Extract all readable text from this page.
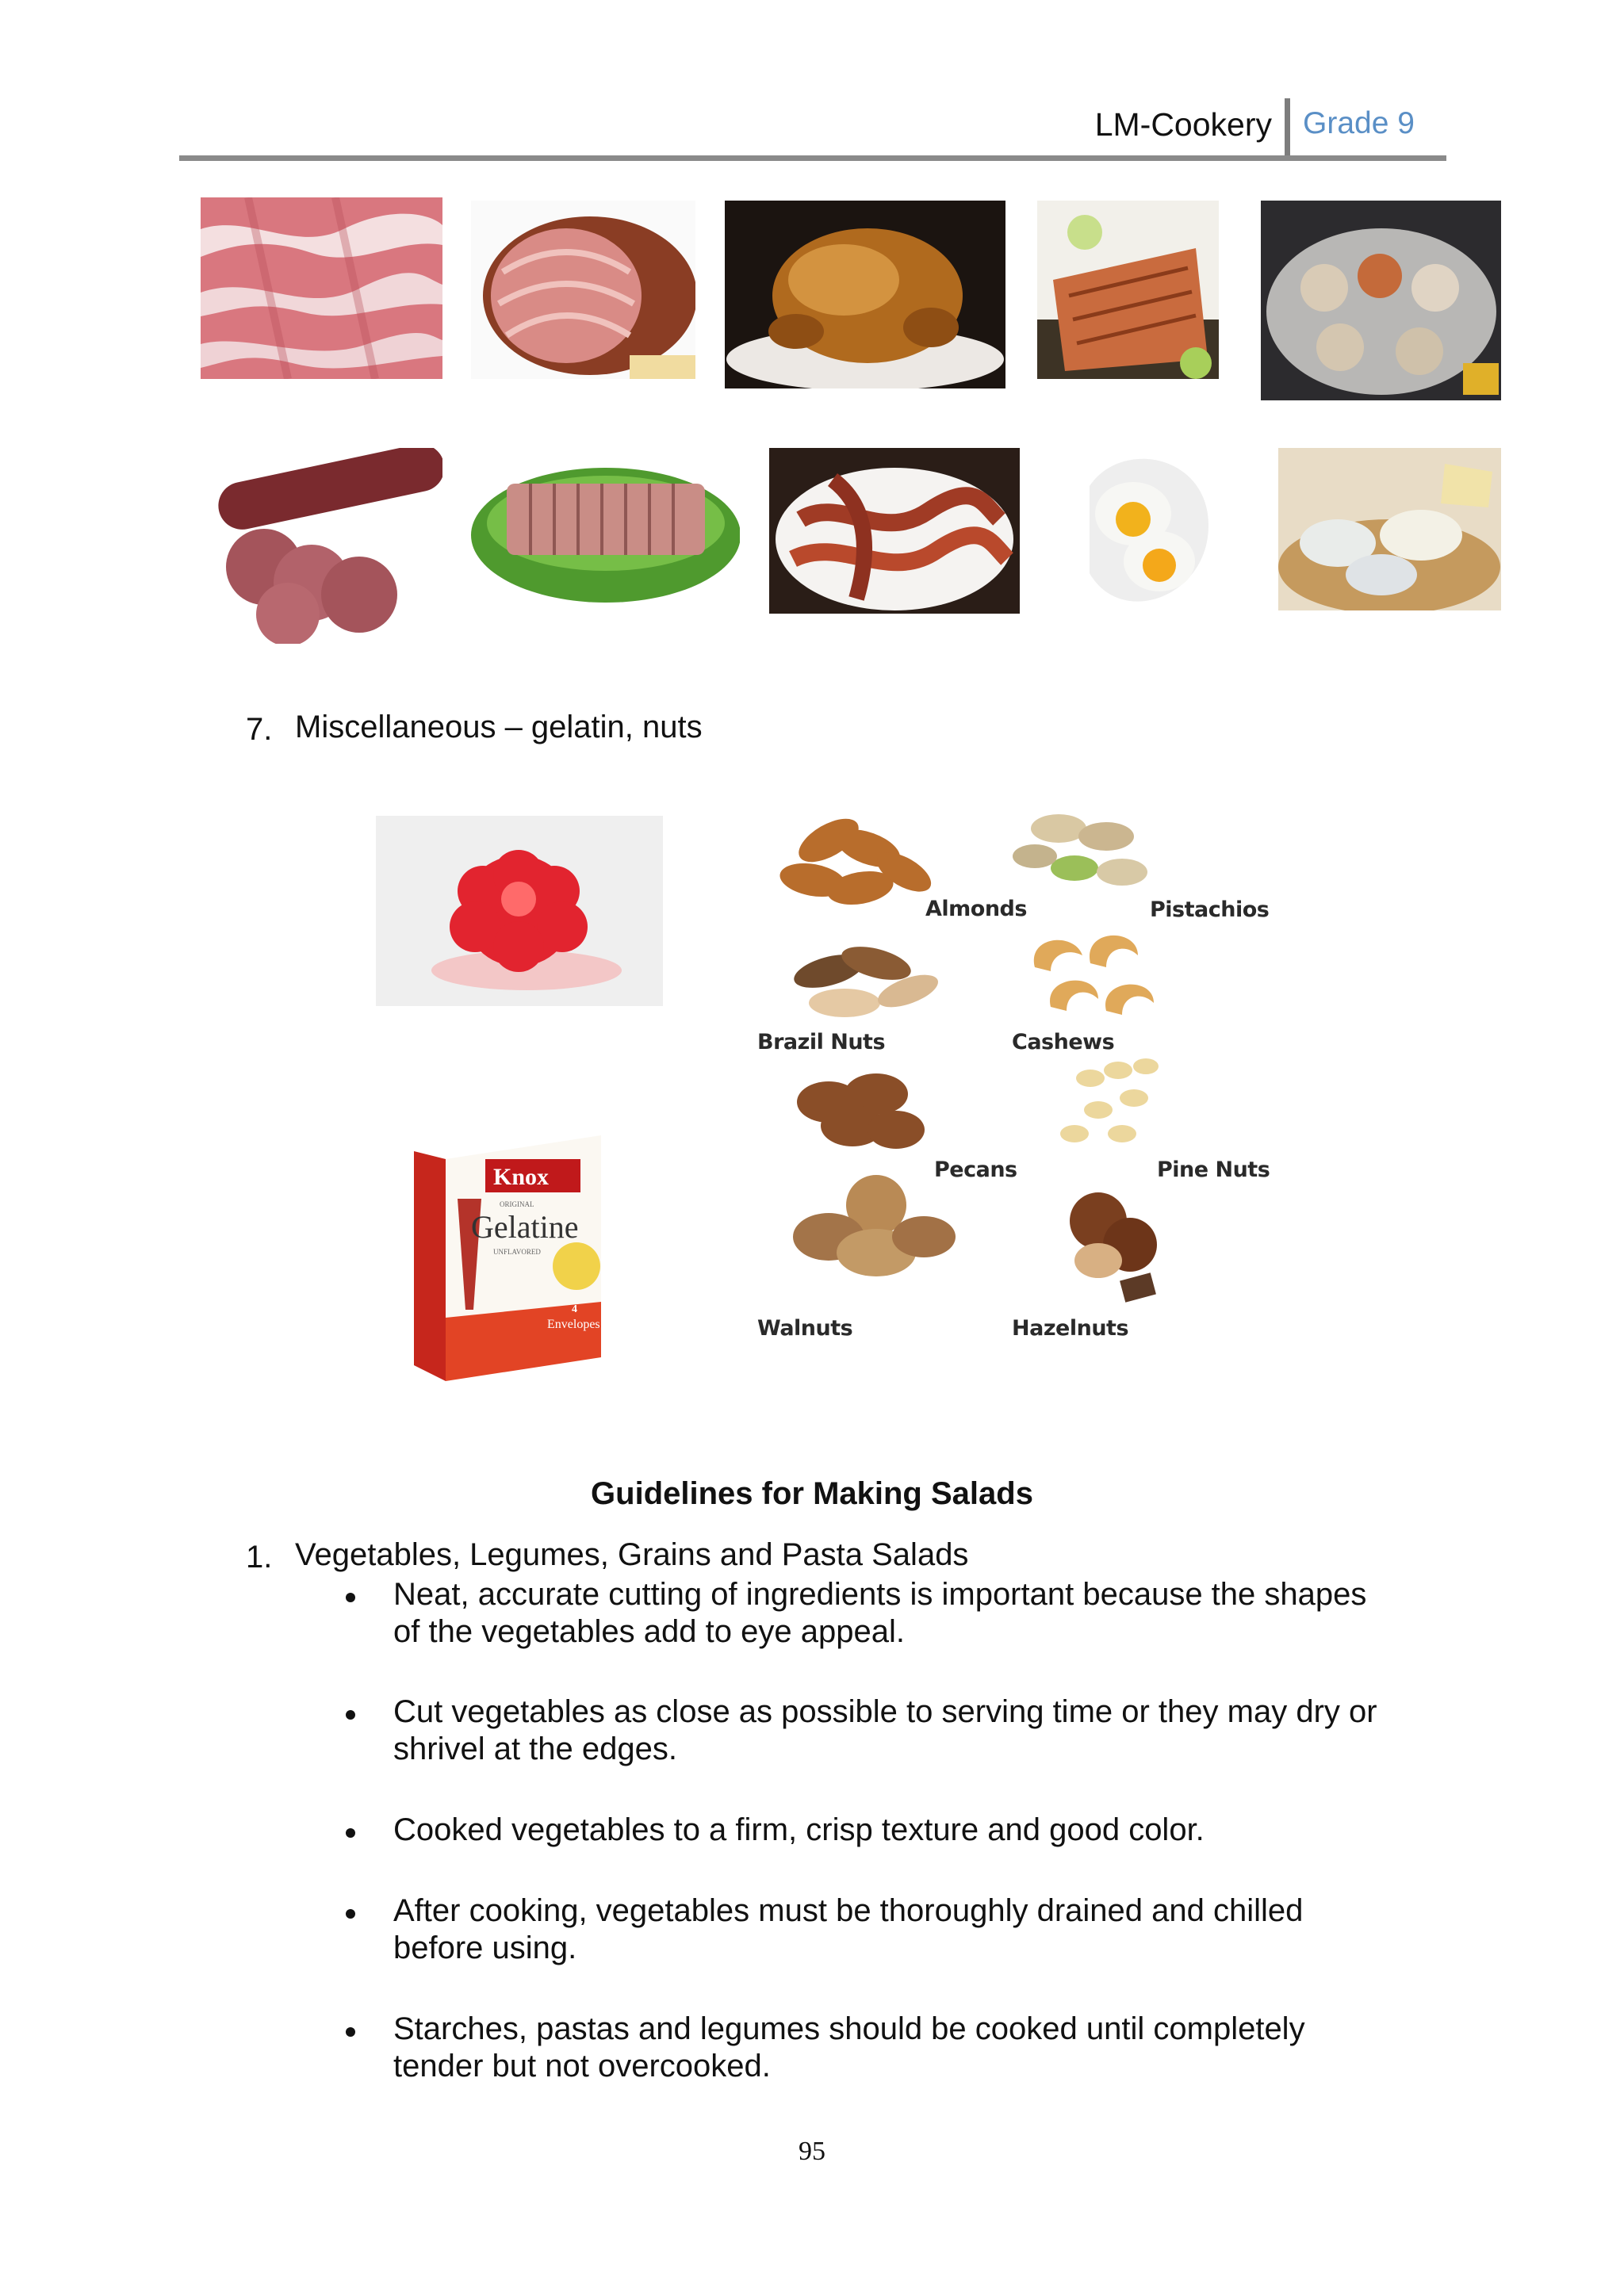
LM-Cookery Grade 9
7. Miscellaneous – gelatin, nuts
Knox
ORIGINAL
Gelatine
UNFLAVORED
4
Envelopes
Almonds	Pistachios
Brazil Nuts	Cashews
Pecans	Pine Nuts
Walnuts	Hazelnuts
Guidelines for Making Salads
1. Vegetables, Legumes, Grains and Pasta Salads
Neat, accurate cutting of ingredients is important because the shapes
of the vegetables add to eye appeal.
Cut vegetables as close as possible to serving time or they may dry or
shrivel at the edges.
Cooked vegetables to a firm, crisp texture and good color.
After cooking, vegetables must be thoroughly drained and chilled
before using.
Starches, pastas and legumes should be cooked until completely
tender but not overcooked.
95
